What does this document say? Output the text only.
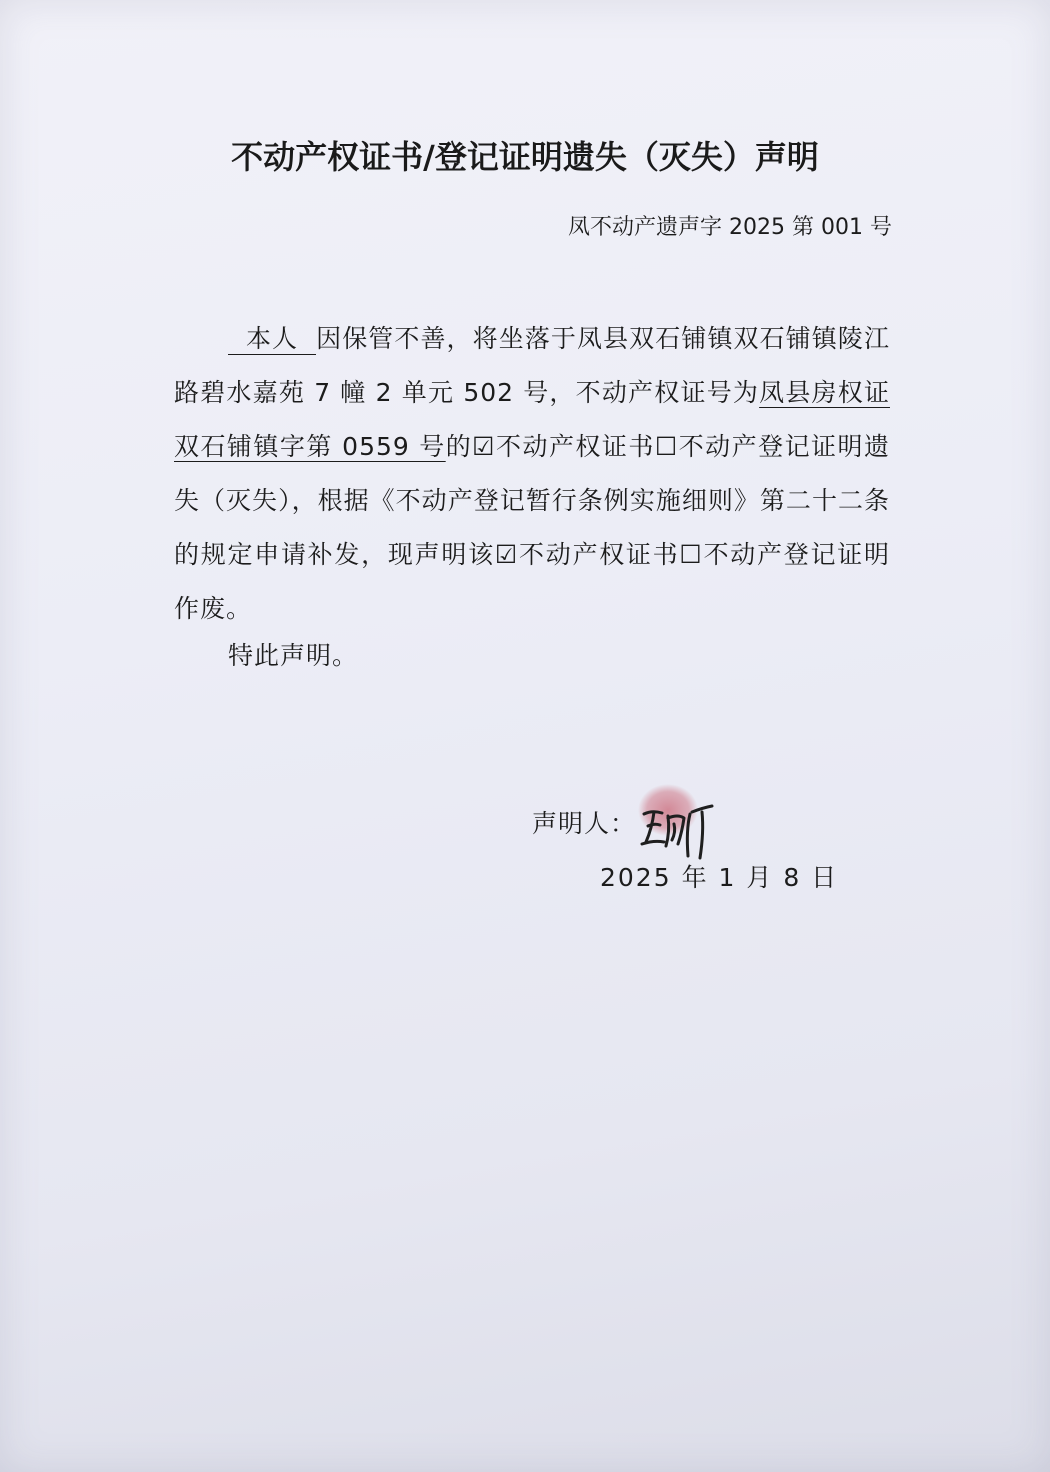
不动产权证书/登记证明遗失（灭失）声明
凤不动产遗声字 2025 第 001 号
本人 因保管不善，将坐落于凤县双石铺镇双石铺镇陵江路碧水嘉苑 7 幢 2 单元 502 号，不动产权证号为凤县房权证双石铺镇字第 0559 号的☑不动产权证书☐不动产登记证明遗失（灭失），根据《不动产登记暂行条例实施细则》第二十二条的规定申请补发，现声明该☑不动产权证书☐不动产登记证明作废。
特此声明。
声明人：
2025 年 1 月 8 日
